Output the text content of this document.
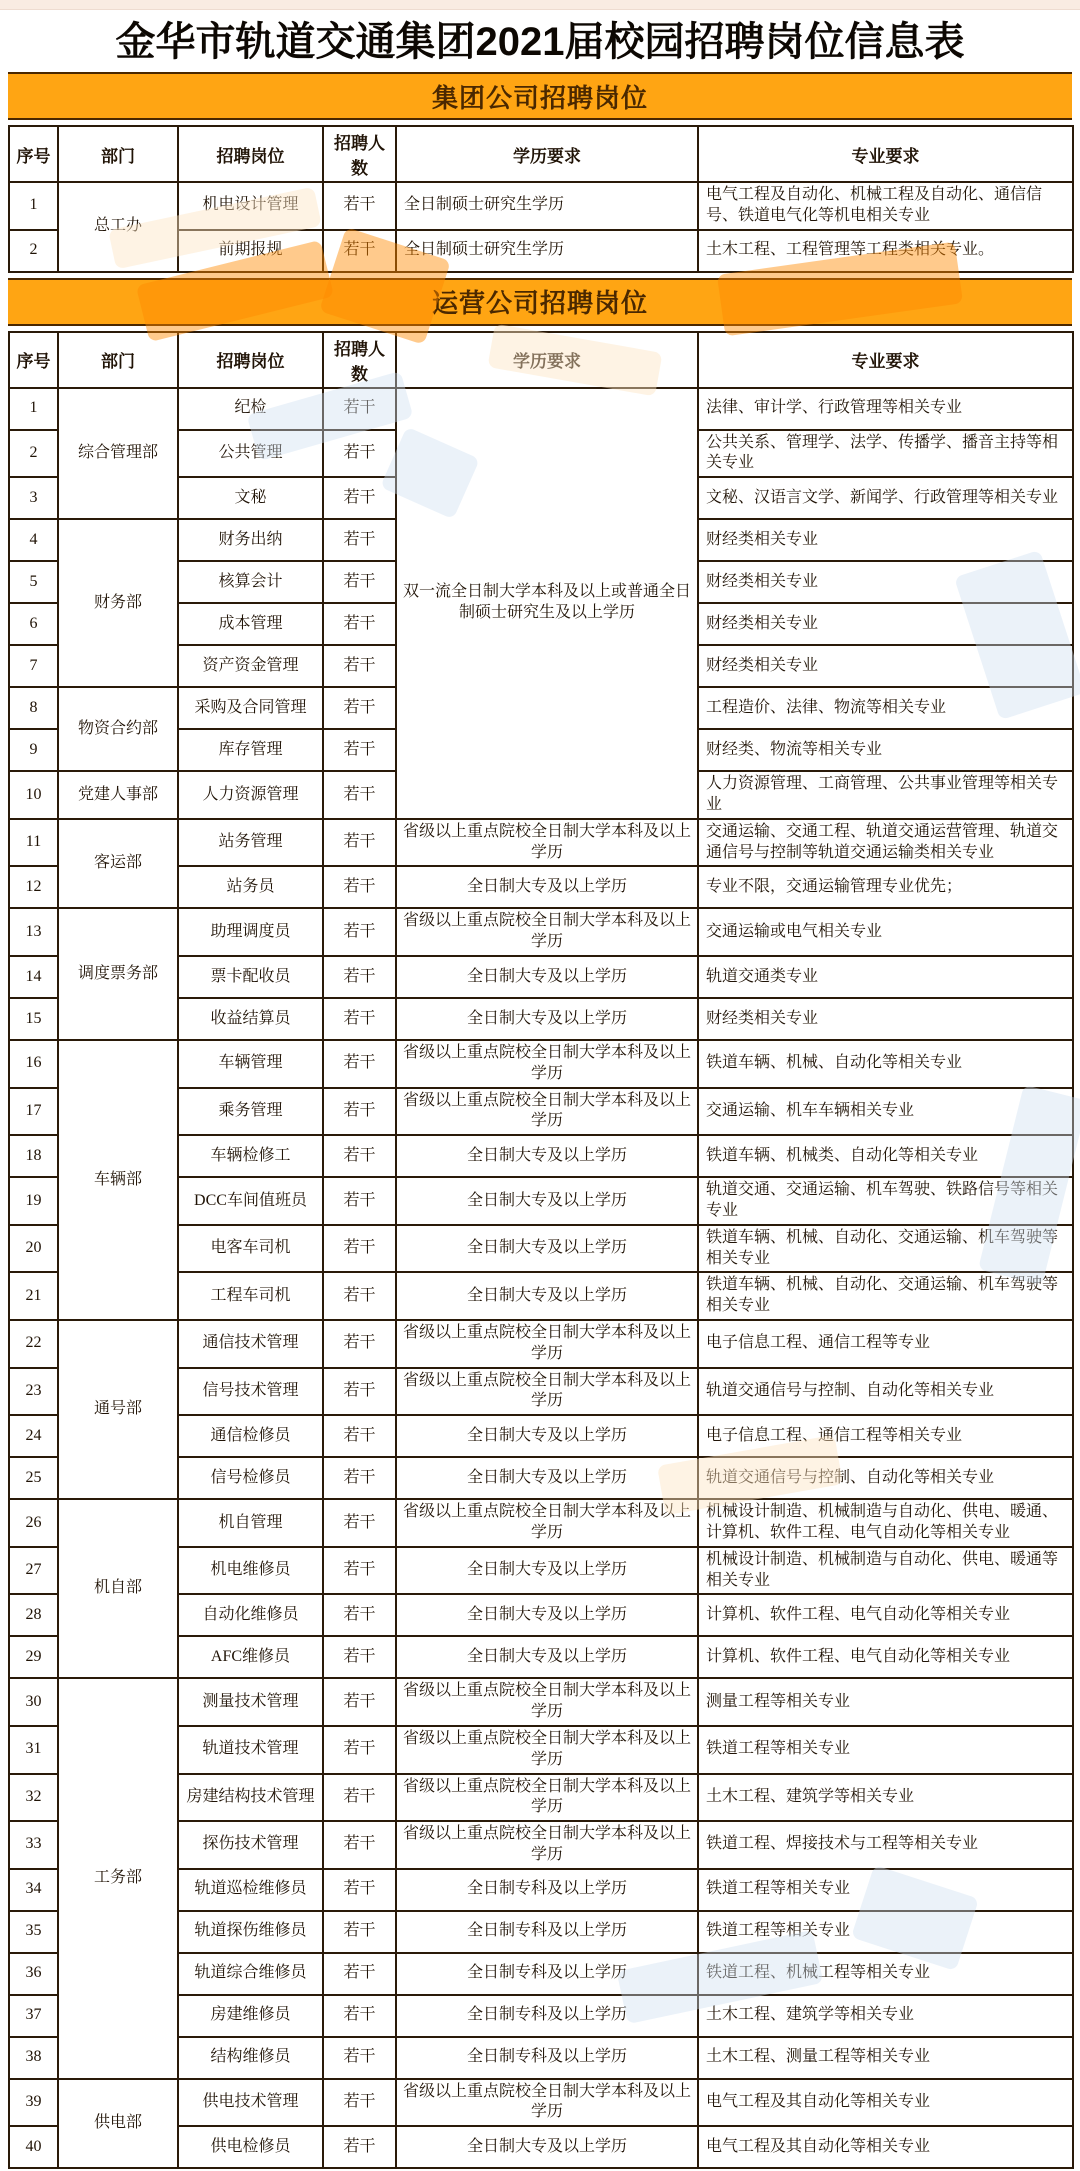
金华市轨道交通集团2021届校园招聘岗位信息表
集团公司招聘岗位
序号	部门	招聘岗位	招聘人数	学历要求	专业要求
1	总工办	机电设计管理	若干	全日制硕士研究生学历	电气工程及自动化、机械工程及自动化、通信信号、铁道电气化等机电相关专业
2		前期报规	若干	全日制硕士研究生学历	土木工程、工程管理等工程类相关专业。
运营公司招聘岗位
序号	部门	招聘岗位	招聘人数	学历要求	专业要求
1	综合管理部	纪检	若干	双一流全日制大学本科及以上或普通全日制硕士研究生及以上学历	法律、审计学、行政管理等相关专业
2		公共管理	若干		公共关系、管理学、法学、传播学、播音主持等相关专业
3		文秘	若干		文秘、汉语言文学、新闻学、行政管理等相关专业
4	财务部	财务出纳	若干		财经类相关专业
5		核算会计	若干		财经类相关专业
6		成本管理	若干		财经类相关专业
7		资产资金管理	若干		财经类相关专业
8	物资合约部	采购及合同管理	若干		工程造价、法律、物流等相关专业
9		库存管理	若干		财经类、物流等相关专业
10	党建人事部	人力资源管理	若干		人力资源管理、工商管理、公共事业管理等相关专业
11	客运部	站务管理	若干	省级以上重点院校全日制大学本科及以上学历	交通运输、交通工程、轨道交通运营管理、轨道交通信号与控制等轨道交通运输类相关专业
12		站务员	若干	全日制大专及以上学历	专业不限，交通运输管理专业优先；
13	调度票务部	助理调度员	若干	省级以上重点院校全日制大学本科及以上学历	交通运输或电气相关专业
14		票卡配收员	若干	全日制大专及以上学历	轨道交通类专业
15		收益结算员	若干	全日制大专及以上学历	财经类相关专业
16	车辆部	车辆管理	若干	省级以上重点院校全日制大学本科及以上学历	铁道车辆、机械、自动化等相关专业
17		乘务管理	若干	省级以上重点院校全日制大学本科及以上学历	交通运输、机车车辆相关专业
18		车辆检修工	若干	全日制大专及以上学历	铁道车辆、机械类、自动化等相关专业
19		DCC车间值班员	若干	全日制大专及以上学历	轨道交通、交通运输、机车驾驶、铁路信号等相关专业
20		电客车司机	若干	全日制大专及以上学历	铁道车辆、机械、自动化、交通运输、机车驾驶等相关专业
21		工程车司机	若干	全日制大专及以上学历	铁道车辆、机械、自动化、交通运输、机车驾驶等相关专业
22	通号部	通信技术管理	若干	省级以上重点院校全日制大学本科及以上学历	电子信息工程、通信工程等专业
23		信号技术管理	若干	省级以上重点院校全日制大学本科及以上学历	轨道交通信号与控制、自动化等相关专业
24		通信检修员	若干	全日制大专及以上学历	电子信息工程、通信工程等相关专业
25		信号检修员	若干	全日制大专及以上学历	轨道交通信号与控制、自动化等相关专业
26	机自部	机自管理	若干	省级以上重点院校全日制大学本科及以上学历	机械设计制造、机械制造与自动化、供电、暖通、计算机、软件工程、电气自动化等相关专业
27		机电维修员	若干	全日制大专及以上学历	机械设计制造、机械制造与自动化、供电、暖通等相关专业
28		自动化维修员	若干	全日制大专及以上学历	计算机、软件工程、电气自动化等相关专业
29		AFC维修员	若干	全日制大专及以上学历	计算机、软件工程、电气自动化等相关专业
30	工务部	测量技术管理	若干	省级以上重点院校全日制大学本科及以上学历	测量工程等相关专业
31		轨道技术管理	若干	省级以上重点院校全日制大学本科及以上学历	铁道工程等相关专业
32		房建结构技术管理	若干	省级以上重点院校全日制大学本科及以上学历	土木工程、建筑学等相关专业
33		探伤技术管理	若干	省级以上重点院校全日制大学本科及以上学历	铁道工程、焊接技术与工程等相关专业
34		轨道巡检维修员	若干	全日制专科及以上学历	铁道工程等相关专业
35		轨道探伤维修员	若干	全日制专科及以上学历	铁道工程等相关专业
36		轨道综合维修员	若干	全日制专科及以上学历	铁道工程、机械工程等相关专业
37		房建维修员	若干	全日制专科及以上学历	土木工程、建筑学等相关专业
38		结构维修员	若干	全日制专科及以上学历	土木工程、测量工程等相关专业
39	供电部	供电技术管理	若干	省级以上重点院校全日制大学本科及以上学历	电气工程及其自动化等相关专业
40		供电检修员	若干	全日制大专及以上学历	电气工程及其自动化等相关专业
